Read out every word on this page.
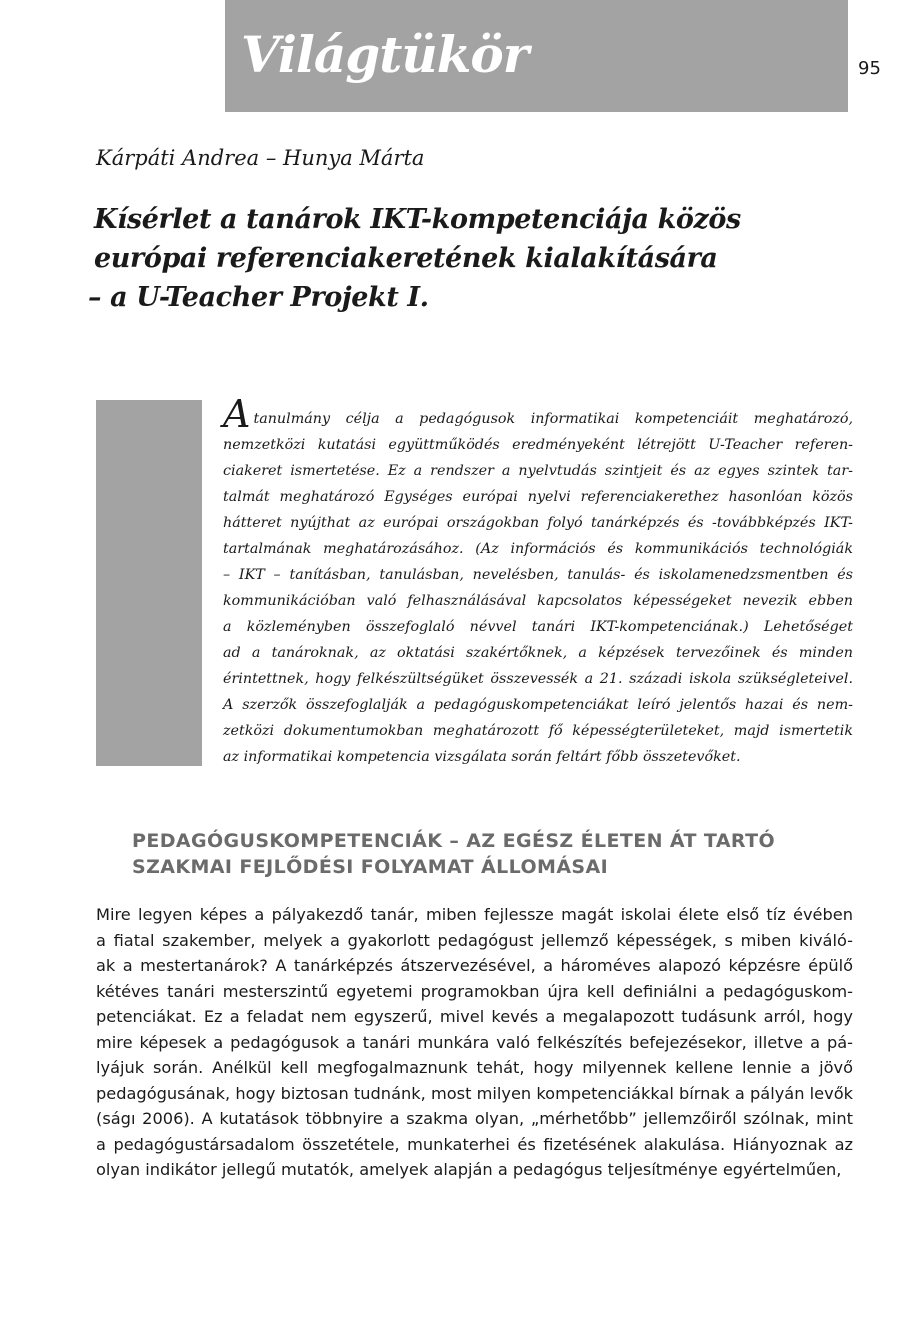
Világtükör	95
Kárpáti Andrea – Hunya Márta
Kísérlet a tanárok IKT-kompetenciája közös
európai referenciakeretének kialakítására
– a U-Teacher Projekt I.
Atanulmány célja a pedagógusok informatikai kompetenciáit meghatározó,
nemzetközi kutatási együttműködés eredményeként létrejött U-Teacher referen-
ciakeret ismertetése. Ez a rendszer a nyelvtudás szintjeit és az egyes szintek tar-
talmát meghatározó Egységes európai nyelvi referenciakerethez hasonlóan közös
hátteret nyújthat az európai országokban folyó tanárképzés és -továbbképzés IKT-
tartalmának meghatározásához. (Az információs és kommunikációs technológiák
– IKT – tanításban, tanulásban, nevelésben, tanulás- és iskolamenedzsmentben és
kommunikációban való felhasználásával kapcsolatos képességeket nevezik ebben
a közleményben összefoglaló névvel tanári IKT-kompetenciának.) Lehetőséget
ad a tanároknak, az oktatási szakértőknek, a képzések tervezőinek és minden
érintettnek, hogy felkészültségüket összevessék a 21. századi iskola szükségleteivel.
A szerzők összefoglalják a pedagóguskompetenciákat leíró jelentős hazai és nem-
zetközi dokumentumokban meghatározott fő képességterületeket, majd ismertetik
az informatikai kompetencia vizsgálata során feltárt főbb összetevőket.
PEDAGÓGUSKOMPETENCIÁK – AZ EGÉSZ ÉLETEN ÁT TARTÓ
SZAKMAI FEJLŐDÉSI FOLYAMAT ÁLLOMÁSAI
Mire legyen képes a pályakezdő tanár, miben fejlessze magát iskolai élete első tíz évében
a fiatal szakember, melyek a gyakorlott pedagógust jellemző képességek, s miben kiváló-
ak a mestertanárok? A tanárképzés átszervezésével, a hároméves alapozó képzésre épülő
kétéves tanári mesterszintű egyetemi programokban újra kell definiálni a pedagóguskom-
petenciákat. Ez a feladat nem egyszerű, mivel kevés a megalapozott tudásunk arról, hogy
mire képesek a pedagógusok a tanári munkára való felkészítés befejezésekor, illetve a pá-
lyájuk során. Anélkül kell megfogalmaznunk tehát, hogy milyennek kellene lennie a jövő
pedagógusának, hogy biztosan tudnánk, most milyen kompetenciákkal bírnak a pályán levők
(ságı 2006). A kutatások többnyire a szakma olyan, „mérhetőbb” jellemzőiről szólnak, mint
a pedagógustársadalom összetétele, munkaterhei és fizetésének alakulása. Hiányoznak az
olyan indikátor jellegű mutatók, amelyek alapján a pedagógus teljesítménye egyértelműen,
